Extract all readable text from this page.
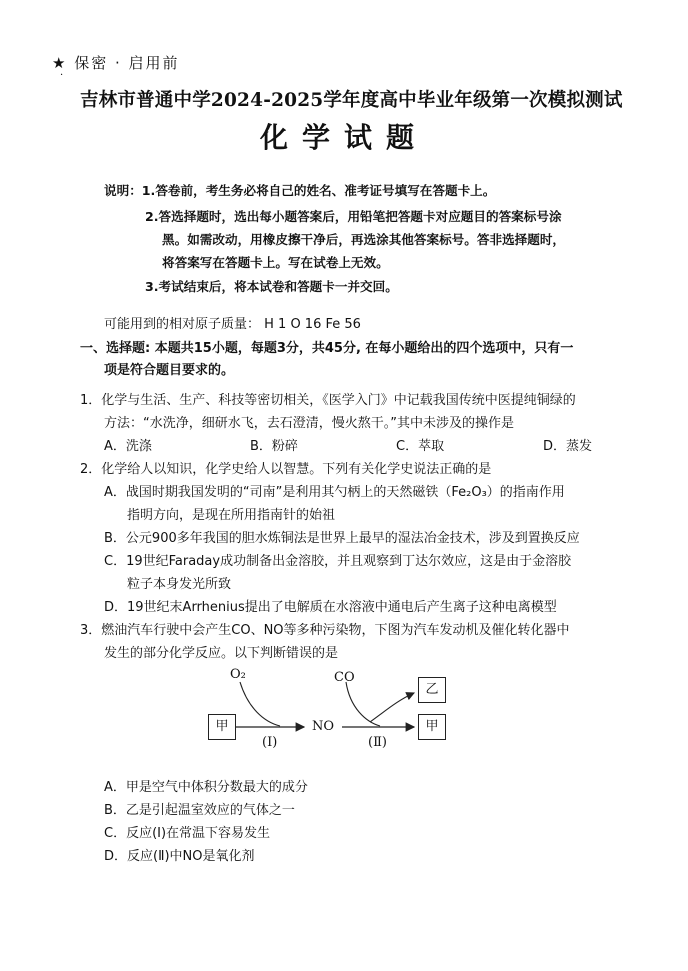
★ 保密 · 启用前
·
吉林市普通中学2024-2025学年度高中毕业年级第一次模拟测试
化学试题
说明：1.答卷前，考生务必将自己的姓名、准考证号填写在答题卡上。
2.答选择题时，选出每小题答案后，用铅笔把答题卡对应题目的答案标号涂
黑。如需改动，用橡皮擦干净后，再选涂其他答案标号。答非选择题时，
将答案写在答题卡上。写在试卷上无效。
3.考试结束后，将本试卷和答题卡一并交回。
可能用到的相对原子质量： H 1 O 16 Fe 56
一、选择题: 本题共15小题，每题3分，共45分, 在每小题给出的四个选项中，只有一
项是符合题目要求的。
1．化学与生活、生产、科技等密切相关，《医学入门》中记载我国传统中医提纯铜绿的
方法：“水洗净，细研水飞，去石澄清，慢火熬干。”其中未涉及的操作是
A．洗涤	B．粉碎	C．萃取	D．蒸发
2．化学给人以知识，化学史给人以智慧。下列有关化学史说法正确的是
A．战国时期我国发明的“司南”是利用其勺柄上的天然磁铁（Fe₂O₃）的指南作用
指明方向，是现在所用指南针的始祖
B．公元900多年我国的胆水炼铜法是世界上最早的湿法冶金技术，涉及到置换反应
C．19世纪Faraday成功制备出金溶胶，并且观察到丁达尔效应，这是由于金溶胶
粒子本身发光所致
D．19世纪末Arrhenius提出了电解质在水溶液中通电后产生离子这种电离模型
3．燃油汽车行驶中会产生CO、NO等多种污染物，下图为汽车发动机及催化转化器中
发生的部分化学反应。以下判断错误的是
O₂	CO
甲	NO
乙
甲
(Ⅰ)	(Ⅱ)
A．甲是空气中体积分数最大的成分
B．乙是引起温室效应的气体之一
C．反应(Ⅰ)在常温下容易发生
D．反应(Ⅱ)中NO是氧化剂
